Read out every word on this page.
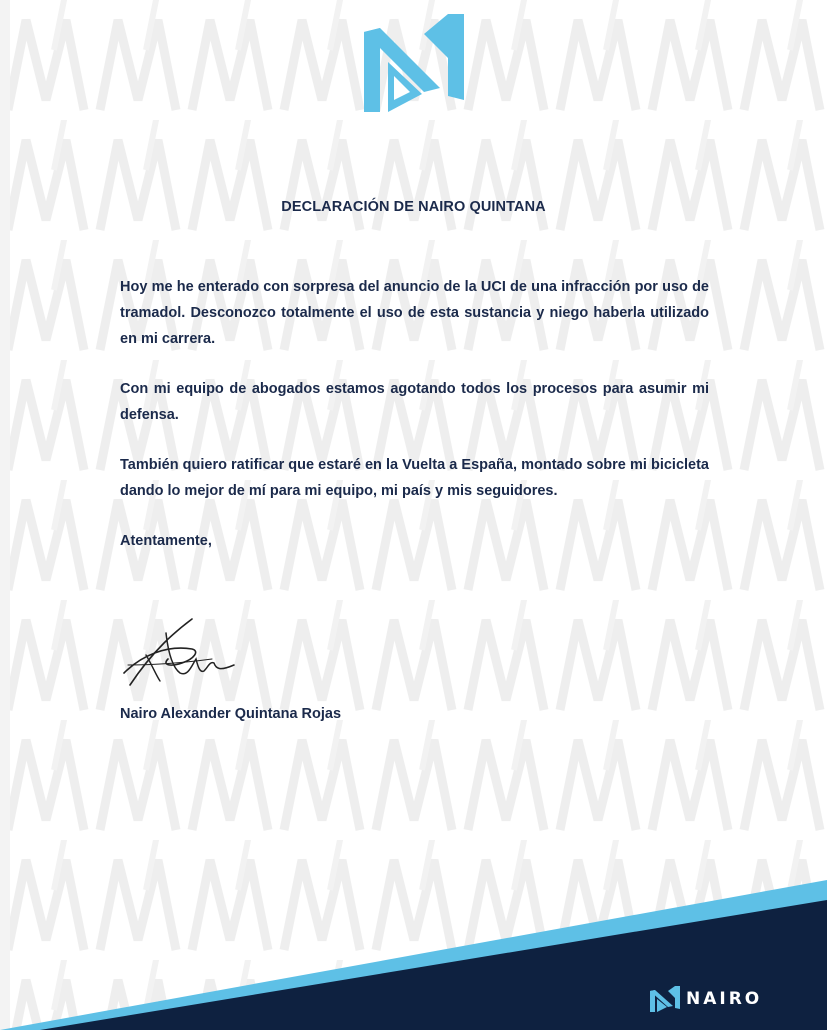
DECLARACIÓN DE NAIRO QUINTANA

Hoy me he enterado con sorpresa del anuncio de la UCI de una infracción por uso de tramadol. Desconozco totalmente el uso de esta sustancia y niego haberla utilizado en mi carrera.

Con mi equipo de abogados estamos agotando todos los procesos para asumir mi defensa.

También quiero ratificar que estaré en la Vuelta a España, montado sobre mi bicicleta dando lo mejor de mí para mi equipo, mi país y mis seguidores.

Atentamente,

Nairo Alexander Quintana Rojas
NAIRO
